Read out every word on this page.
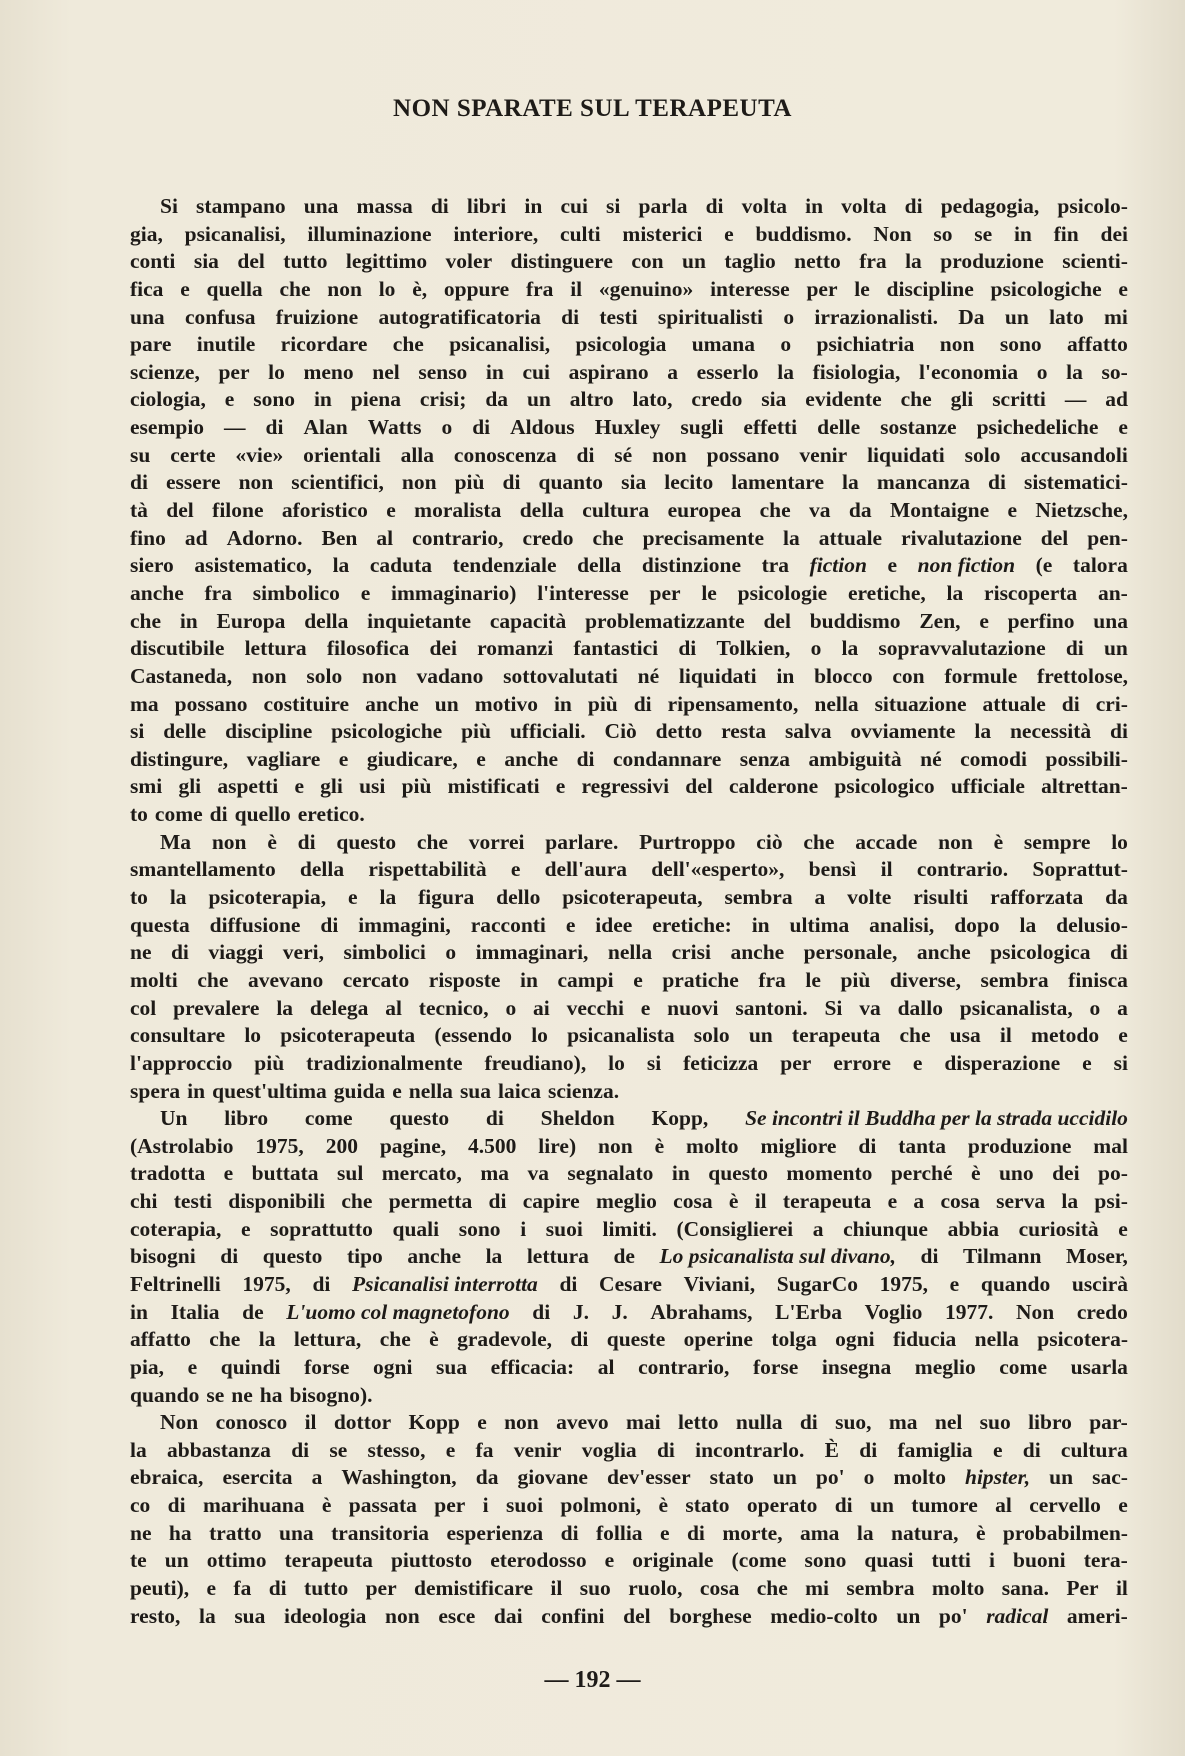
NON SPARATE SUL TERAPEUTA
Si stampano una massa di libri in cui si parla di volta in volta di pedagogia, psicolo-
gia, psicanalisi, illuminazione interiore, culti misterici e buddismo. Non so se in fin dei
conti sia del tutto legittimo voler distinguere con un taglio netto fra la produzione scienti-
fica e quella che non lo è, oppure fra il «genuino» interesse per le discipline psicologiche e
una confusa fruizione autogratificatoria di testi spiritualisti o irrazionalisti. Da un lato mi
pare inutile ricordare che psicanalisi, psicologia umana o psichiatria non sono affatto
scienze, per lo meno nel senso in cui aspirano a esserlo la fisiologia, l'economia o la so-
ciologia, e sono in piena crisi; da un altro lato, credo sia evidente che gli scritti — ad
esempio — di Alan Watts o di Aldous Huxley sugli effetti delle sostanze psichedeliche e
su certe «vie» orientali alla conoscenza di sé non possano venir liquidati solo accusandoli
di essere non scientifici, non più di quanto sia lecito lamentare la mancanza di sistematici-
tà del filone aforistico e moralista della cultura europea che va da Montaigne e Nietzsche,
fino ad Adorno. Ben al contrario, credo che precisamente la attuale rivalutazione del pen-
siero asistematico, la caduta tendenziale della distinzione tra fiction e non fiction (e talora
anche fra simbolico e immaginario) l'interesse per le psicologie eretiche, la riscoperta an-
che in Europa della inquietante capacità problematizzante del buddismo Zen, e perfino una
discutibile lettura filosofica dei romanzi fantastici di Tolkien, o la sopravvalutazione di un
Castaneda, non solo non vadano sottovalutati né liquidati in blocco con formule frettolose,
ma possano costituire anche un motivo in più di ripensamento, nella situazione attuale di cri-
si delle discipline psicologiche più ufficiali. Ciò detto resta salva ovviamente la necessità di
distingure, vagliare e giudicare, e anche di condannare senza ambiguità né comodi possibili-
smi gli aspetti e gli usi più mistificati e regressivi del calderone psicologico ufficiale altrettan-
to come di quello eretico.
Ma non è di questo che vorrei parlare. Purtroppo ciò che accade non è sempre lo
smantellamento della rispettabilità e dell'aura dell'«esperto», bensì il contrario. Soprattut-
to la psicoterapia, e la figura dello psicoterapeuta, sembra a volte risulti rafforzata da
questa diffusione di immagini, racconti e idee eretiche: in ultima analisi, dopo la delusio-
ne di viaggi veri, simbolici o immaginari, nella crisi anche personale, anche psicologica di
molti che avevano cercato risposte in campi e pratiche fra le più diverse, sembra finisca
col prevalere la delega al tecnico, o ai vecchi e nuovi santoni. Si va dallo psicanalista, o a
consultare lo psicoterapeuta (essendo lo psicanalista solo un terapeuta che usa il metodo e
l'approccio più tradizionalmente freudiano), lo si feticizza per errore e disperazione e si
spera in quest'ultima guida e nella sua laica scienza.
Un libro come questo di Sheldon Kopp, Se incontri il Buddha per la strada uccidilo
(Astrolabio 1975, 200 pagine, 4.500 lire) non è molto migliore di tanta produzione mal
tradotta e buttata sul mercato, ma va segnalato in questo momento perché è uno dei po-
chi testi disponibili che permetta di capire meglio cosa è il terapeuta e a cosa serva la psi-
coterapia, e soprattutto quali sono i suoi limiti. (Consiglierei a chiunque abbia curiosità e
bisogni di questo tipo anche la lettura de Lo psicanalista sul divano, di Tilmann Moser,
Feltrinelli 1975, di Psicanalisi interrotta di Cesare Viviani, SugarCo 1975, e quando uscirà
in Italia de L'uomo col magnetofono di J. J. Abrahams, L'Erba Voglio 1977. Non credo
affatto che la lettura, che è gradevole, di queste operine tolga ogni fiducia nella psicotera-
pia, e quindi forse ogni sua efficacia: al contrario, forse insegna meglio come usarla
quando se ne ha bisogno).
Non conosco il dottor Kopp e non avevo mai letto nulla di suo, ma nel suo libro par-
la abbastanza di se stesso, e fa venir voglia di incontrarlo. È di famiglia e di cultura
ebraica, esercita a Washington, da giovane dev'esser stato un po' o molto hipster, un sac-
co di marihuana è passata per i suoi polmoni, è stato operato di un tumore al cervello e
ne ha tratto una transitoria esperienza di follia e di morte, ama la natura, è probabilmen-
te un ottimo terapeuta piuttosto eterodosso e originale (come sono quasi tutti i buoni tera-
peuti), e fa di tutto per demistificare il suo ruolo, cosa che mi sembra molto sana. Per il
resto, la sua ideologia non esce dai confini del borghese medio-colto un po' radical ameri-
— 192 —
